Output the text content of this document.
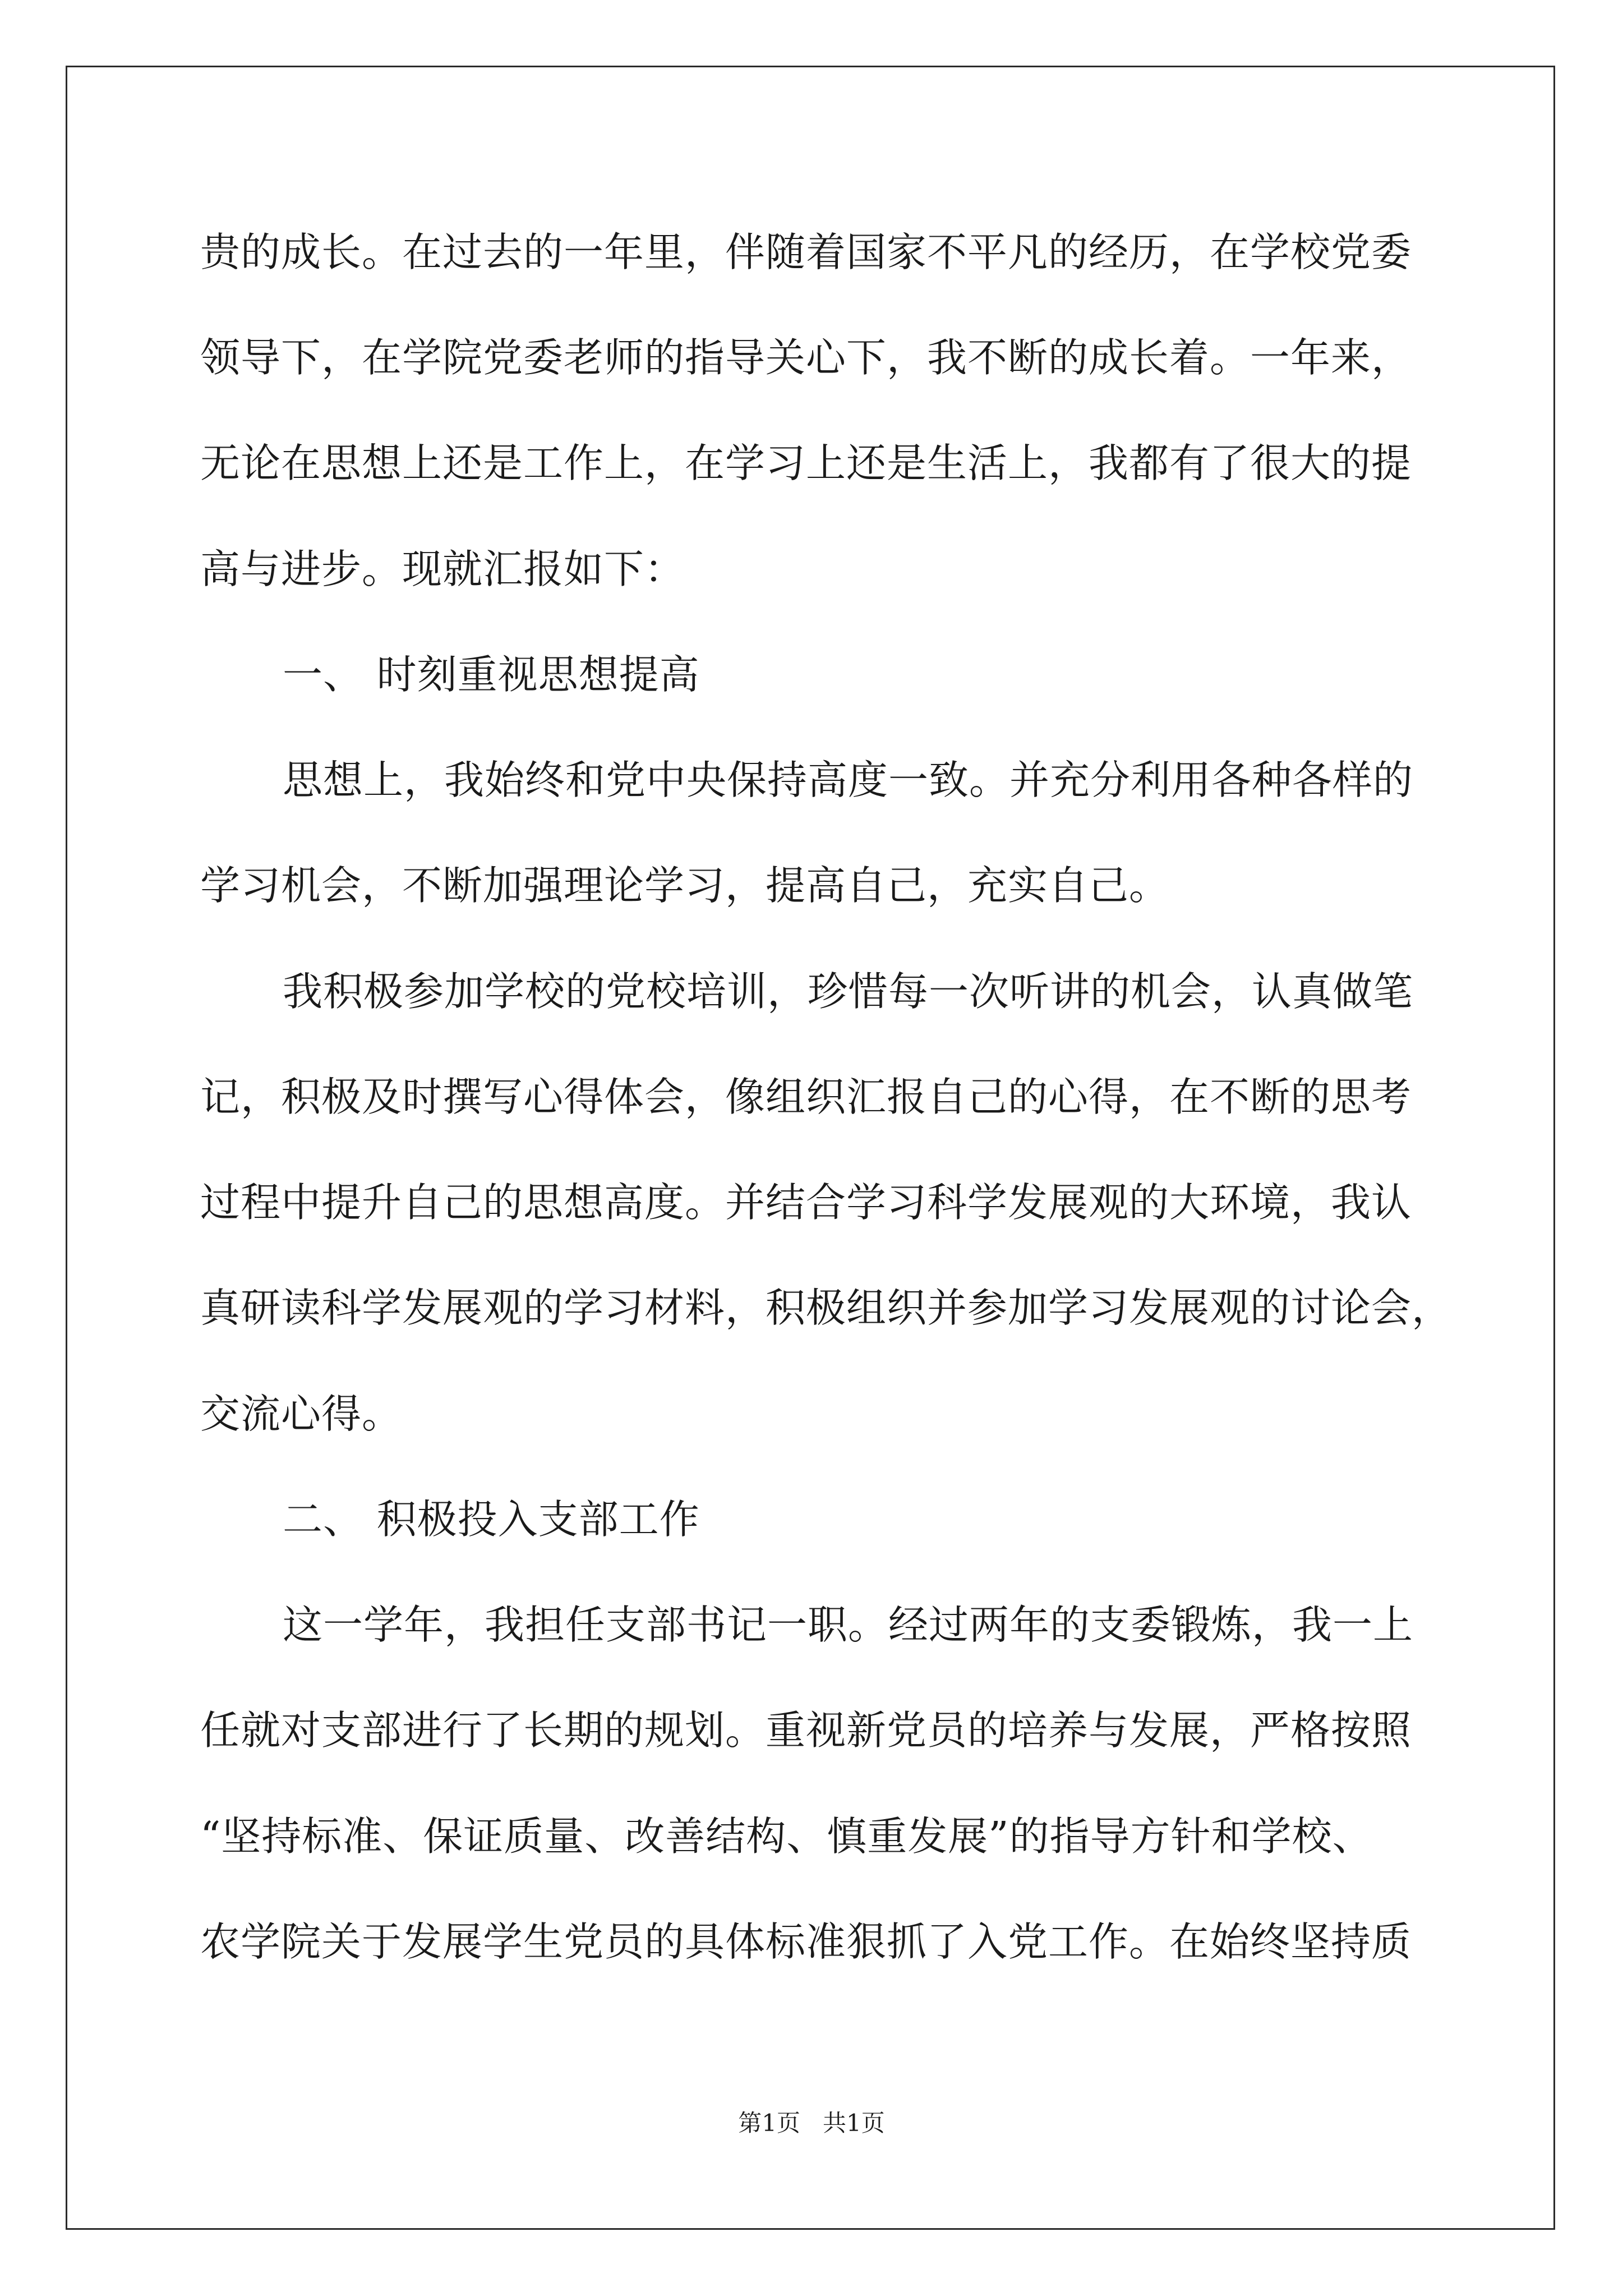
贵的成长。在过去的一年里，伴随着国家不平凡的经历，在学校党委
领导下，在学院党委老师的指导关心下，我不断的成长着。一年来，
无论在思想上还是工作上，在学习上还是生活上，我都有了很大的提
高与进步。现就汇报如下：
一、 时刻重视思想提高
思想上，我始终和党中央保持高度一致。并充分利用各种各样的
学习机会，不断加强理论学习，提高自己，充实自己。
我积极参加学校的党校培训，珍惜每一次听讲的机会，认真做笔
记，积极及时撰写心得体会，像组织汇报自己的心得，在不断的思考
过程中提升自己的思想高度。并结合学习科学发展观的大环境，我认
真研读科学发展观的学习材料，积极组织并参加学习发展观的讨论会，
交流心得。
二、 积极投入支部工作
这一学年，我担任支部书记一职。经过两年的支委锻炼，我一上
任就对支部进行了长期的规划。重视新党员的培养与发展，严格按照
“坚持标准、保证质量、改善结构、慎重发展”的指导方针和学校、
农学院关于发展学生党员的具体标准狠抓了入党工作。在始终坚持质
第1页 共1页
